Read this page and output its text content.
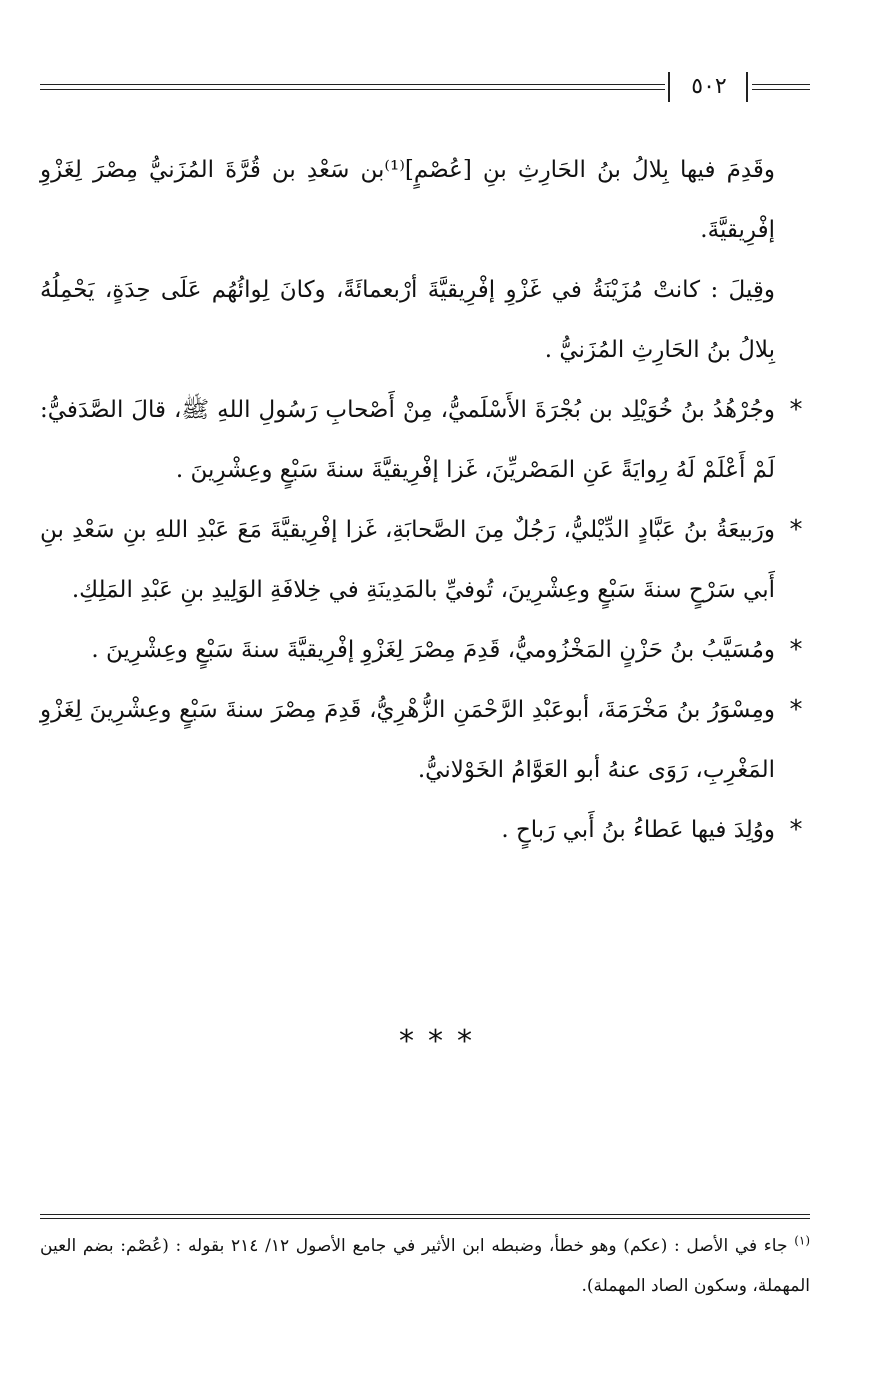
٥٠٢

وقَدِمَ فيها بِلالُ بنُ الحَارِثِ بنِ [عُصْمٍ]⁽¹⁾بن سَعْدِ بن قُرَّةَ المُزَنيُّ مِصْرَ لِغَزْوِ إفْرِيقيَّةَ.

وقِيلَ : كانتْ مُزَيْنَةُ في غَزْوِ إفْرِيقيَّةَ أرْبعمائَةً، وكانَ لِوائُهُم عَلَى حِدَةٍ، يَحْمِلُهُ بِلالُ بنُ الحَارِثِ المُزَنيُّ .

*
وجُرْهُدُ بنُ خُوَيْلِد بن بُجْرَةَ الأَسْلَميُّ، مِنْ أَصْحابِ رَسُولِ اللهِ ﷺ، قالَ الصَّدَفيُّ: لَمْ أَعْلَمْ لَهُ رِوايَةً عَنِ المَصْريِّنَ، غَزا إفْرِيقيَّةَ سنةَ سَبْعٍ وعِشْرِينَ .
*
ورَبيعَةُ بنُ عَبَّادٍ الدِّيْليُّ، رَجُلٌ مِنَ الصَّحابَةِ، غَزا إفْرِيقيَّةَ مَعَ عَبْدِ اللهِ بنِ سَعْدِ بنِ أَبي سَرْحٍ سنةَ سَبْعٍ وعِشْرِينَ، تُوفيِّ بالمَدِينَةِ في خِلافَةِ الوَلِيدِ بنِ عَبْدِ المَلِكِ.
*
ومُسَيَّبُ بنُ حَزْنٍ المَخْزُوميُّ، قَدِمَ مِصْرَ لِغَزْوِ إفْرِيقيَّةَ سنةَ سَبْعٍ وعِشْرِينَ .
*
ومِسْوَرُ بنُ مَخْرَمَةَ، أبوعَبْدِ الرَّحْمَنِ الزُّهْرِيُّ، قَدِمَ مِصْرَ سنةَ سَبْعٍ وعِشْرِينَ لِغَزْوِ المَغْرِبِ، رَوَى عنهُ أبو العَوَّامُ الخَوْلانيُّ.
*
ووُلِدَ فيها عَطاءُ بنُ أَبي رَباحٍ .
***
$^{(١)}$ جاء في الأصل : (عكم) وهو خطأ، وضبطه ابن الأثير في جامع الأصول ١٢/ ٢١٤ بقوله : (عُصْم: بضم العين المهملة، وسكون الصاد المهملة).
